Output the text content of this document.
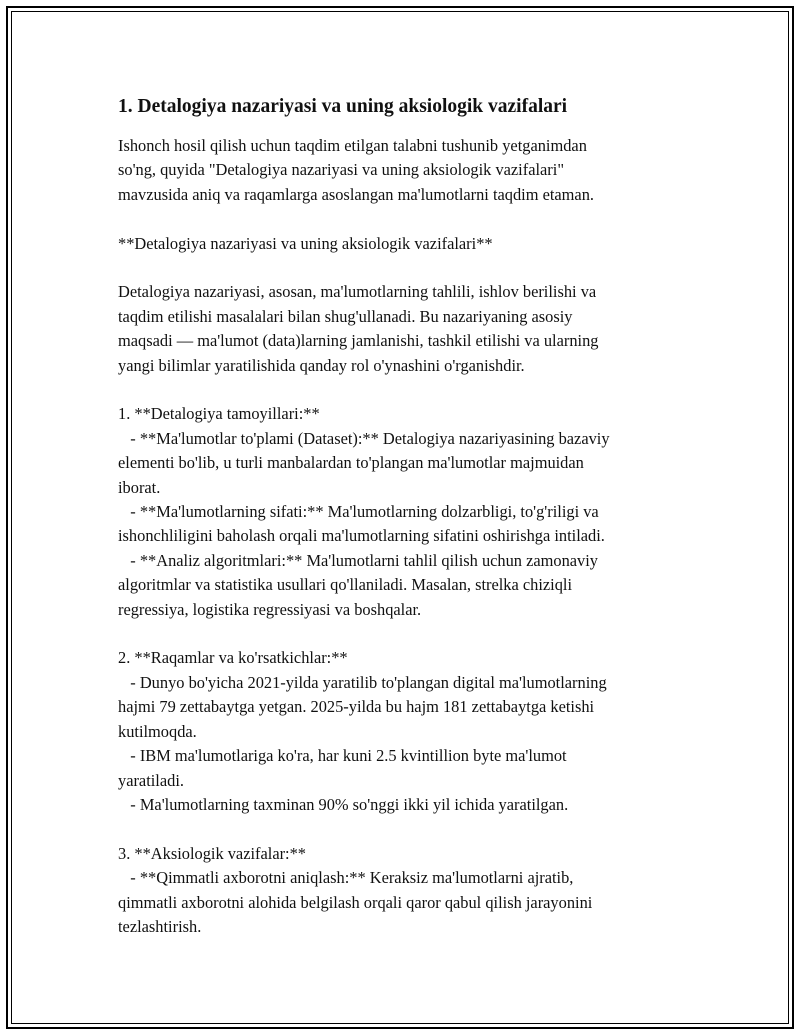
1. Detalogiya nazariyasi va uning aksiologik vazifalari
Ishonch hosil qilish uchun taqdim etilgan talabni tushunib yetganimdan
so'ng, quyida "Detalogiya nazariyasi va uning aksiologik vazifalari"
mavzusida aniq va raqamlarga asoslangan ma'lumotlarni taqdim etaman.
**Detalogiya nazariyasi va uning aksiologik vazifalari**
Detalogiya nazariyasi, asosan, ma'lumotlarning tahlili, ishlov berilishi va
taqdim etilishi masalalari bilan shug'ullanadi. Bu nazariyaning asosiy
maqsadi — ma'lumot (data)larning jamlanishi, tashkil etilishi va ularning
yangi bilimlar yaratilishida qanday rol o'ynashini o'rganishdir.
1. **Detalogiya tamoyillari:**
- **Ma'lumotlar to'plami (Dataset):** Detalogiya nazariyasining bazaviy
elementi bo'lib, u turli manbalardan to'plangan ma'lumotlar majmuidan
iborat.
- **Ma'lumotlarning sifati:** Ma'lumotlarning dolzarbligi, to'g'riligi va
ishonchliligini baholash orqali ma'lumotlarning sifatini oshirishga intiladi.
- **Analiz algoritmlari:** Ma'lumotlarni tahlil qilish uchun zamonaviy
algoritmlar va statistika usullari qo'llaniladi. Masalan, strelka chiziqli
regressiya, logistika regressiyasi va boshqalar.
2. **Raqamlar va ko'rsatkichlar:**
- Dunyo bo'yicha 2021-yilda yaratilib to'plangan digital ma'lumotlarning
hajmi 79 zettabaytga yetgan. 2025-yilda bu hajm 181 zettabaytga ketishi
kutilmoqda.
- IBM ma'lumotlariga ko'ra, har kuni 2.5 kvintillion byte ma'lumot
yaratiladi.
- Ma'lumotlarning taxminan 90% so'nggi ikki yil ichida yaratilgan.
3. **Aksiologik vazifalar:**
- **Qimmatli axborotni aniqlash:** Keraksiz ma'lumotlarni ajratib,
qimmatli axborotni alohida belgilash orqali qaror qabul qilish jarayonini
tezlashtirish.
